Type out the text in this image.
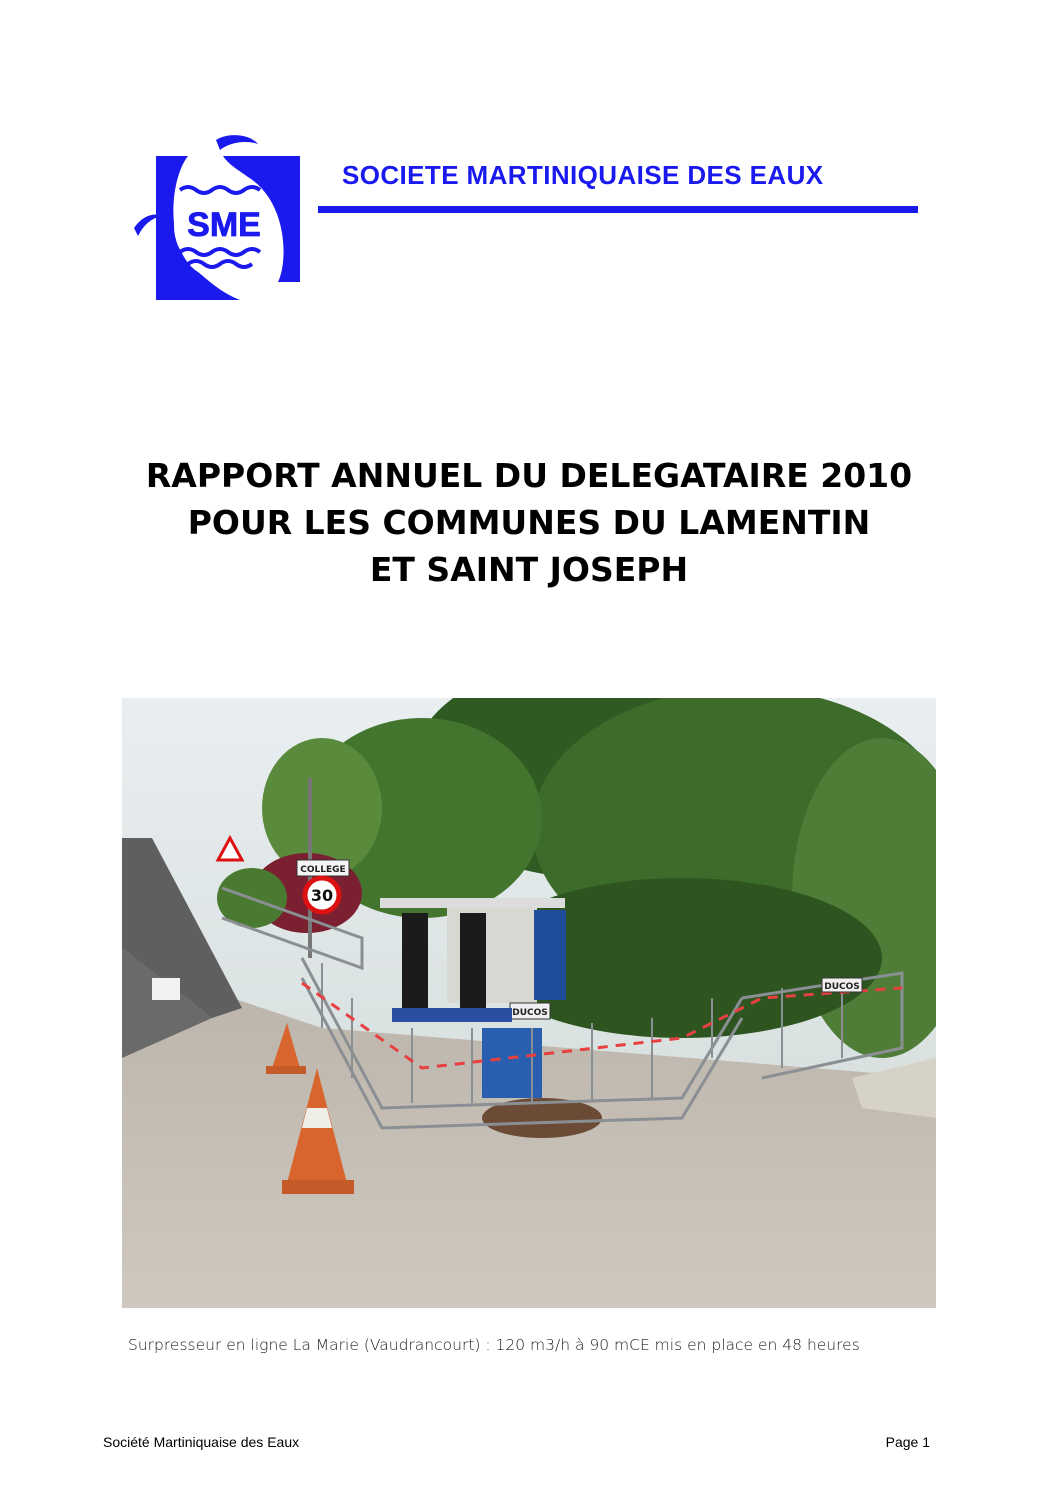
SME
SOCIETE MARTINIQUAISE DES EAUX
RAPPORT ANNUEL DU DELEGATAIRE 2010
POUR LES COMMUNES DU LAMENTIN
ET SAINT JOSEPH
COLLEGE
30
DUCOS
DUCOS
Surpresseur en ligne La Marie (Vaudrancourt) : 120 m3/h à 90 mCE mis en place en 48 heures
Société Martiniquaise des Eaux	Page 1
